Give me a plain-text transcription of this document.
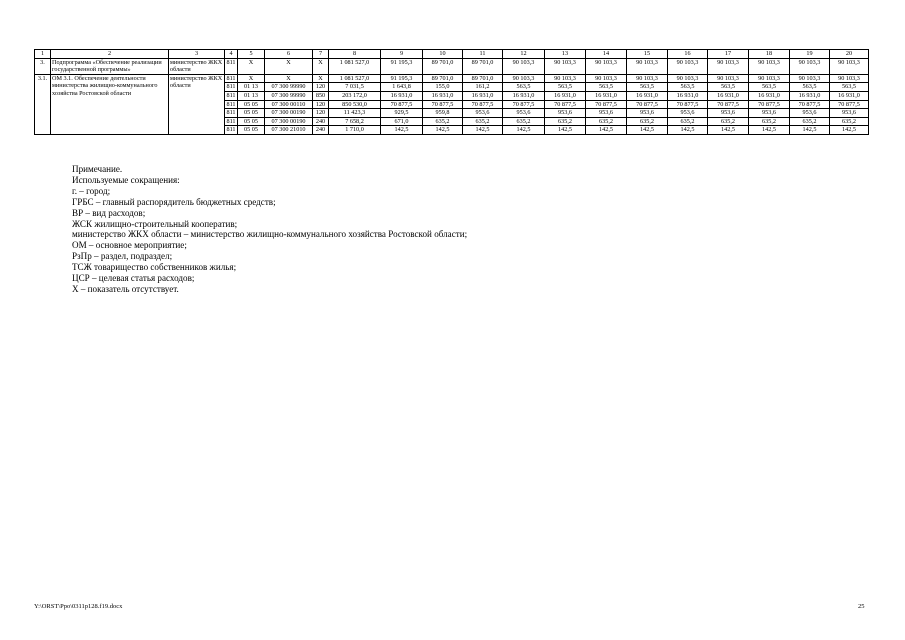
1	2	3	4	5	6	7	8	9	10	11	12	13	14	15	16	17	18	19	20
3.	Подпрограмма «Обеспечение реализации государственной программы»	министерство ЖКХ области	811	X	X	X	1 081 527,0	91 195,3	89 701,0	89 701,0	90 103,3	90 103,3	90 103,3	90 103,3	90 103,3	90 103,3	90 103,3	90 103,3	90 103,3
3.1.	ОМ 3.1. Обеспечение деятельности министерства жилищно-коммунального хозяйства Ростовской области	министерство ЖКХ области	811	X	X	X	1 081 527,0	91 195,3	89 701,0	89 701,0	90 103,3	90 103,3	90 103,3	90 103,3	90 103,3	90 103,3	90 103,3	90 103,3	90 103,3
			811	01 13	07 300 99990	120	7 031,5	1 643,8	155,0	161,2	563,5	563,5	563,5	563,5	563,5	563,5	563,5	563,5	563,5
			811	01 13	07 300 99990	850	203 172,0	16 931,0	16 931,0	16 931,0	16 931,0	16 931,0	16 931,0	16 931,0	16 931,0	16 931,0	16 931,0	16 931,0	16 931,0
			811	05 05	07 300 00110	120	850 530,0	70 877,5	70 877,5	70 877,5	70 877,5	70 877,5	70 877,5	70 877,5	70 877,5	70 877,5	70 877,5	70 877,5	70 877,5
			811	05 05	07 300 00190	120	11 423,3	929,5	959,8	953,6	953,6	953,6	953,6	953,6	953,6	953,6	953,6	953,6	953,6
			811	05 05	07 300 00190	240	7 658,2	671,0	635,2	635,2	635,2	635,2	635,2	635,2	635,2	635,2	635,2	635,2	635,2
			811	05 05	07 300 21010	240	1 710,0	142,5	142,5	142,5	142,5	142,5	142,5	142,5	142,5	142,5	142,5	142,5	142,5
Примечание.
Используемые сокращения:
г. – город;
ГРБС – главный распорядитель бюджетных средств;
ВР – вид расходов;
ЖСК жилищно-строительный кооператив;
министерство ЖКХ области – министерство жилищно-коммунального хозяйства Ростовской области;
ОМ – основное мероприятие;
РзПр – раздел, подраздел;
ТСЖ товарищество собственников жилья;
ЦСР – целевая статья расходов;
X – показатель отсутствует.
Y:\ORST\Ppo\0311p128.f19.docx	25
